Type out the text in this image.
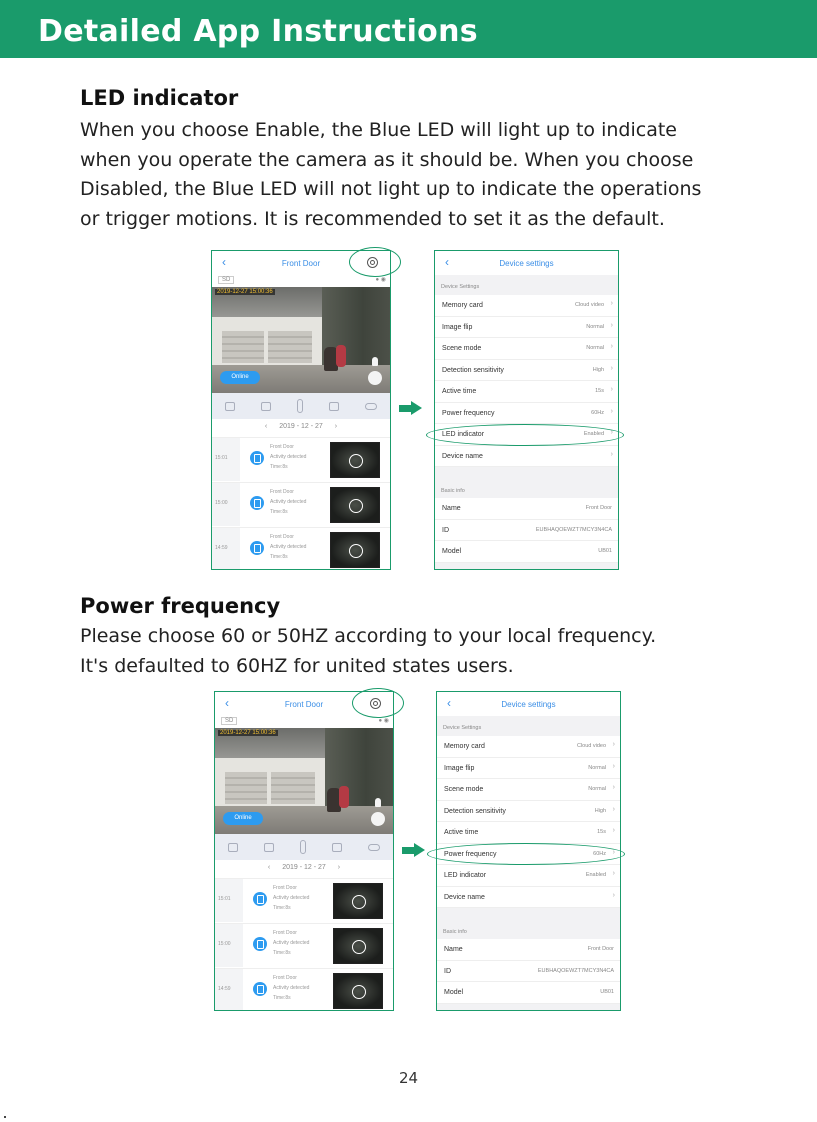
Detailed App Instructions
LED indicator
When you choose Enable, the Blue LED will light up to indicate
when you operate the camera as it should be. When you choose
Disabled, the Blue LED will not light up to indicate the operations
or trigger motions. It is recommended to set it as the default.
‹	Front Door
SD	● ◉
2019-12-27 15:00:36
Online
‹ 2019 - 12 - 27 ›
15:01
Front Door
Activity detected
Time:8s
15:00
Front Door
Activity detected
Time:8s
14:59
Front Door
Activity detected
Time:8s
‹	Device settings
Device Settings
Memory card	Cloud video ›
Image flip	Normal ›
Scene mode	Normal ›
Detection sensitivity	High ›
Active time	15s ›
Power frequency	60Hz ›
LED indicator	Enabled ›
Device name	›
Basic info
Name	Front Door
ID	EUBHAQOEWZT7MCY3N4CA
Model	UB01
Power frequency
Please choose 60 or 50HZ according to your local frequency.
It's defaulted to 60HZ for united states users.
‹	Front Door
SD	● ◉
2019-12-27 15:00:36
Online
‹ 2019 - 12 - 27 ›
15:01
Front Door
Activity detected
Time:8s
15:00
Front Door
Activity detected
Time:8s
14:59
Front Door
Activity detected
Time:8s
‹	Device settings
Device Settings
Memory card	Cloud video ›
Image flip	Normal ›
Scene mode	Normal ›
Detection sensitivity	High ›
Active time	15s ›
Power frequency	60Hz ›
LED indicator	Enabled ›
Device name	›
Basic info
Name	Front Door
ID	EUBHAQOEWZT7MCY3N4CA
Model	UB01
24
